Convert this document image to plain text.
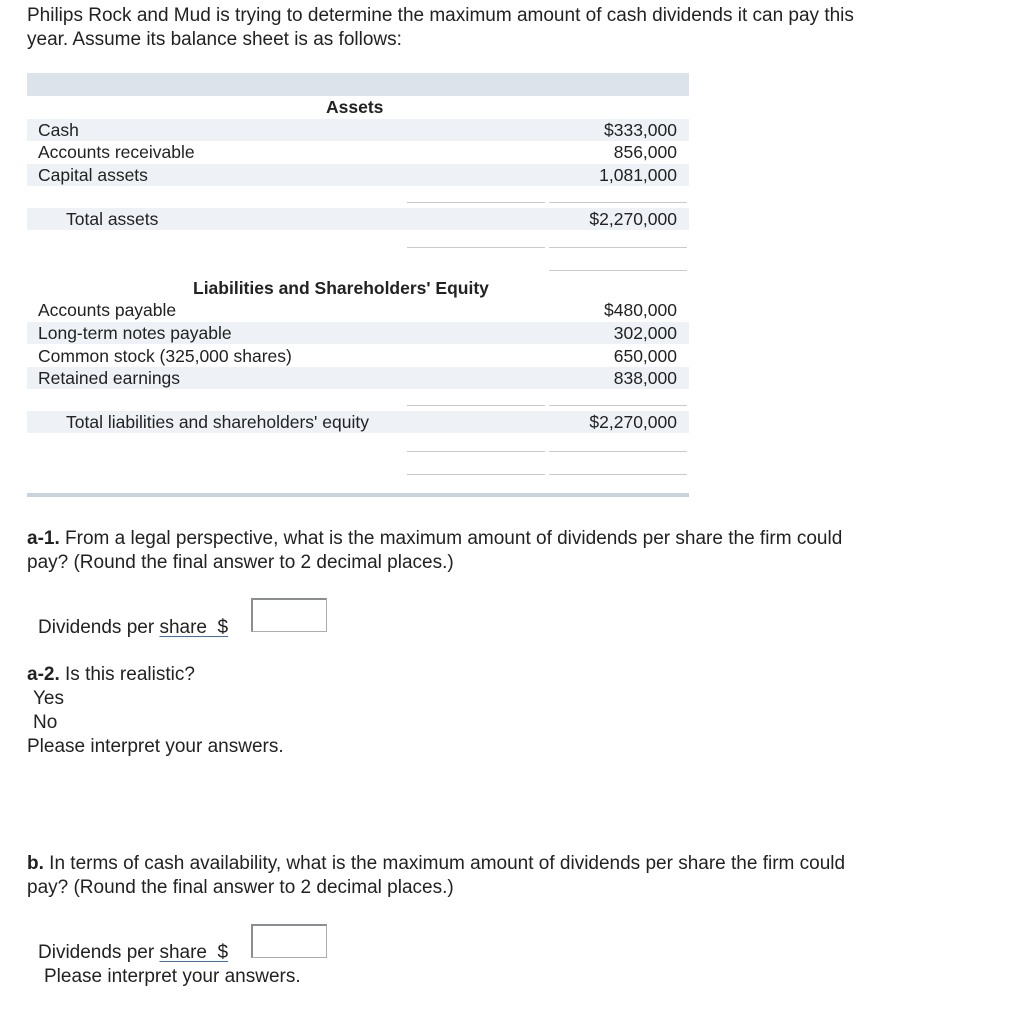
Philips Rock and Mud is trying to determine the maximum amount of cash dividends it can pay this
year. Assume its balance sheet is as follows:
Assets
Cash	$333,000
Accounts receivable	856,000
Capital assets	1,081,000
Total assets	$2,270,000
Liabilities and Shareholders' Equity
Accounts payable	$480,000
Long-term notes payable	302,000
Common stock (325,000 shares)	650,000
Retained earnings	838,000
Total liabilities and shareholders' equity	$2,270,000
a-1. From a legal perspective, what is the maximum amount of dividends per share the firm could
pay? (Round the final answer to 2 decimal places.)
Dividends per share $
a-2. Is this realistic?
Yes
No
Please interpret your answers.
b. In terms of cash availability, what is the maximum amount of dividends per share the firm could
pay? (Round the final answer to 2 decimal places.)
Dividends per share $
Please interpret your answers.
